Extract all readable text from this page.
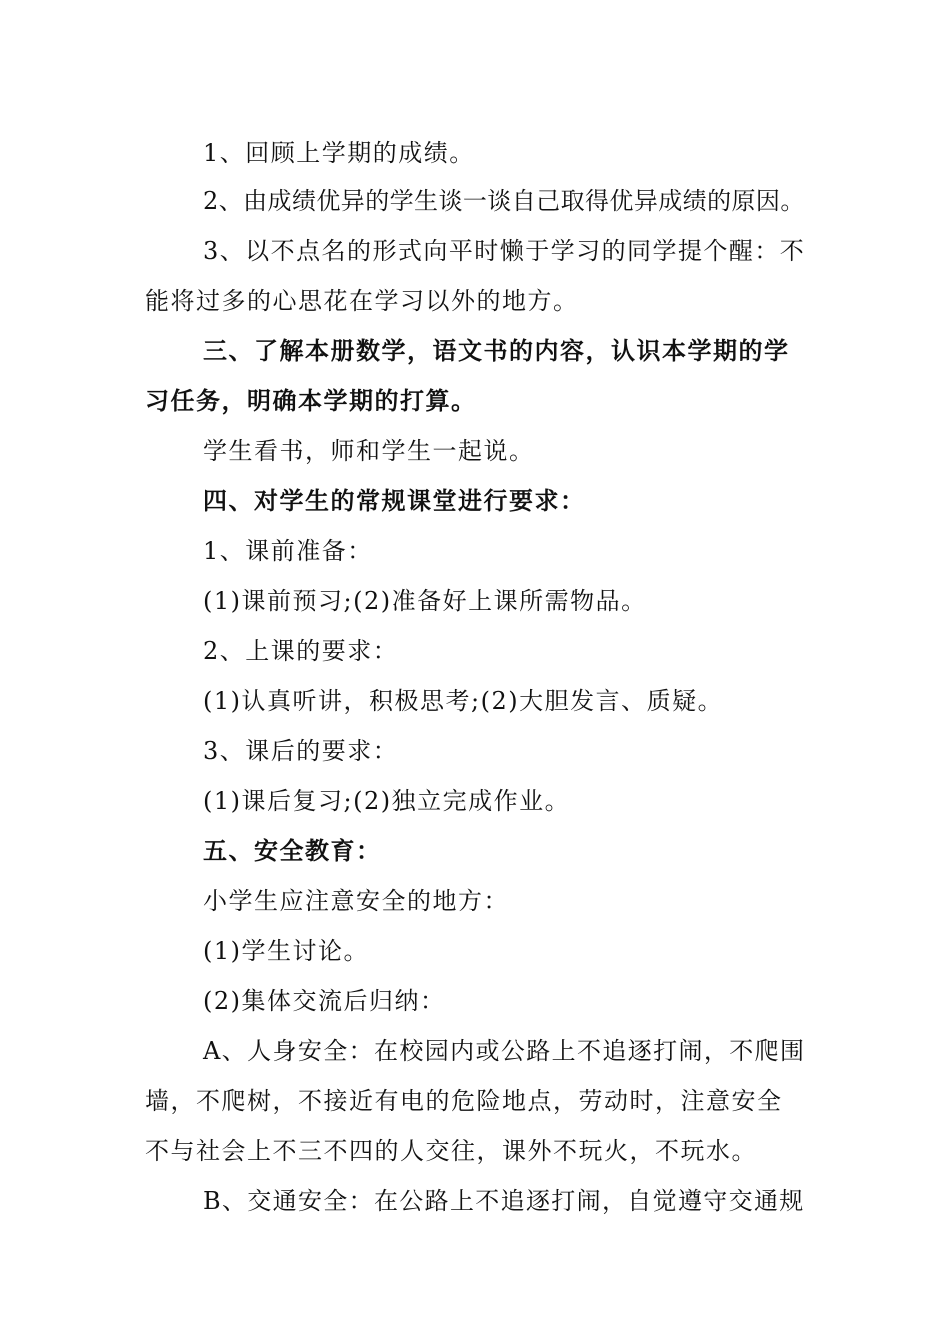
1、回顾上学期的成绩。
2、由成绩优异的学生谈一谈自己取得优异成绩的原因。
3、以不点名的形式向平时懒于学习的同学提个醒：不
能将过多的心思花在学习以外的地方。
三、了解本册数学，语文书的内容，认识本学期的学
习任务，明确本学期的打算。
学生看书，师和学生一起说。
四、对学生的常规课堂进行要求：
1、课前准备：
(1)课前预习;(2)准备好上课所需物品。
2、上课的要求：
(1)认真听讲，积极思考;(2)大胆发言、质疑。
3、课后的要求：
(1)课后复习;(2)独立完成作业。
五、安全教育：
小学生应注意安全的地方：
(1)学生讨论。
(2)集体交流后归纳：
A、人身安全：在校园内或公路上不追逐打闹，不爬围
墙，不爬树，不接近有电的危险地点，劳动时，注意安全
不与社会上不三不四的人交往，课外不玩火，不玩水。
B、交通安全：在公路上不追逐打闹，自觉遵守交通规
